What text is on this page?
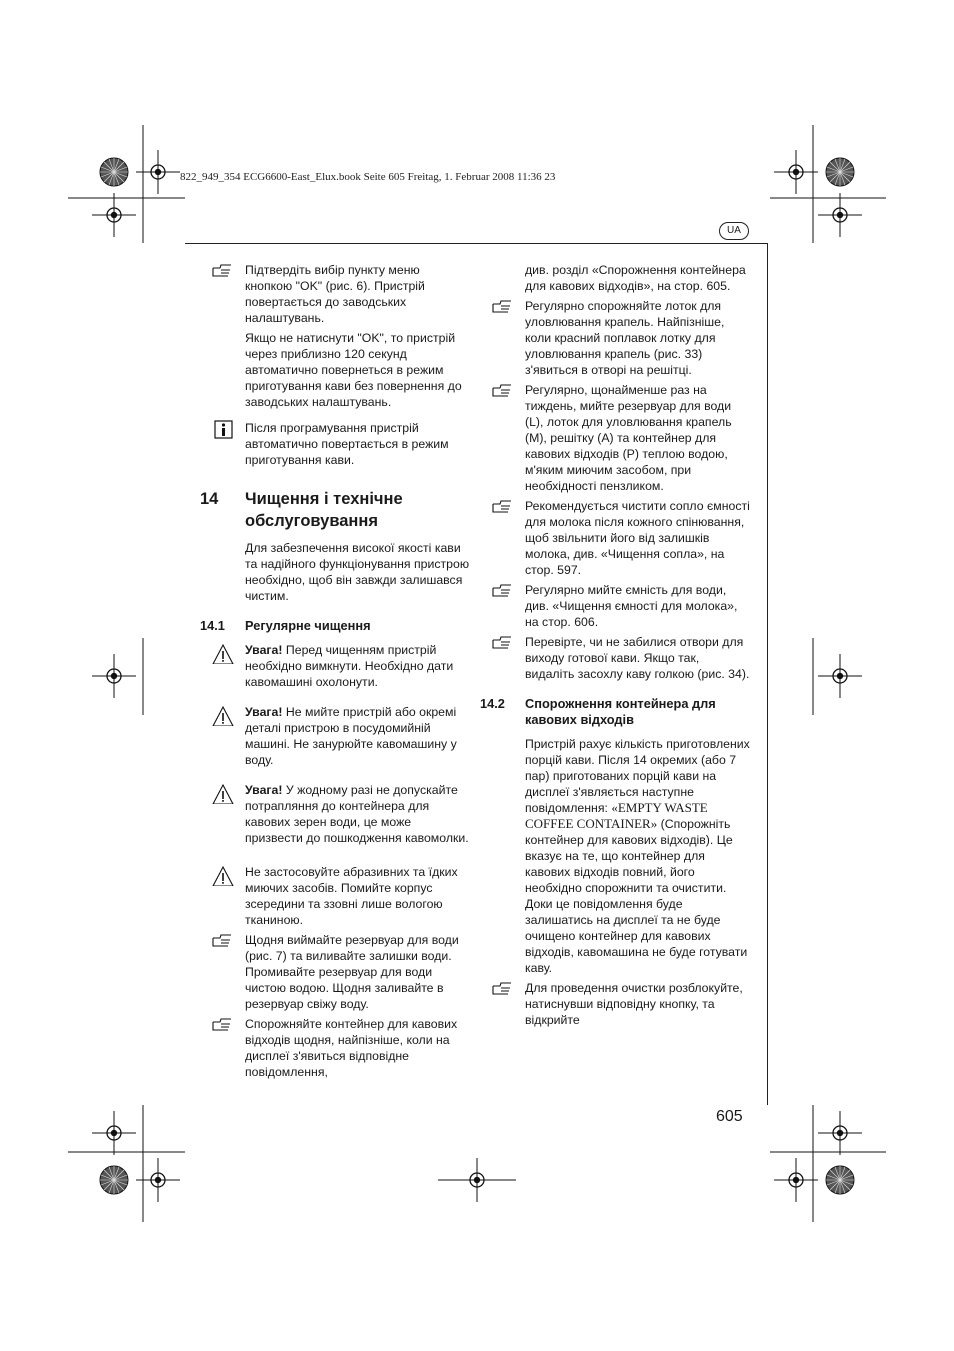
822_949_354 ECG6600-East_Elux.book Seite 605 Freitag, 1. Februar 2008 11:36 23
UA
605
Підтвердіть вибір пункту меню кнопкою "OK" (рис. 6). Пристрій повертається до заводських налаштувань.
Якщо не натиснути "OK", то пристрій через приблизно 120 секунд автоматично повернеться в режим приготування кави без повернення до заводських налаштувань.
Після програмування пристрій автоматично повертається в режим приготування кави.
14 Чищення і технічне обслуговування
Для забезпечення високої якості кави та надійного функціонування пристрою необхідно, щоб він завжди залишався чистим.
14.1 Регулярне чищення
Увага! Перед чищенням пристрій необхідно вимкнути. Необхідно дати кавомашині охолонути.
Увага! Не мийте пристрій або окремі деталі пристрою в посудомийній машині. Не занурюйте кавомашину у воду.
Увага! У жодному разі не допускайте потрапляння до контейнера для кавових зерен води, це може призвести до пошкодження кавомолки.
Не застосовуйте абразивних та їдких миючих засобів. Помийте корпус зсередини та ззовні лише вологою тканиною.
Щодня виймайте резервуар для води (рис. 7) та виливайте залишки води. Промивайте резервуар для води чистою водою. Щодня заливайте в резервуар свіжу воду.
Спорожняйте контейнер для кавових відходів щодня, найпізніше, коли на дисплеї з'явиться відповідне повідомлення,
див. розділ «Спорожнення контейнера для кавових відходів», на стор. 605.
Регулярно спорожняйте лоток для уловлювання крапель. Найпізніше, коли красний поплавок лотку для уловлювання крапель (рис. 33) з'явиться в отворі на решітці.
Регулярно, щонайменше раз на тиждень, мийте резервуар для води (L), лоток для уловлювання крапель (M), решітку (A) та контейнер для кавових відходів (P) теплою водою, м'яким миючим засобом, при необхідності пензликом.
Рекомендується чистити сопло ємності для молока після кожного спінювання, щоб звільнити його від залишків молока, див. «Чищення сопла», на стор. 597.
Регулярно мийте ємність для води, див. «Чищення ємності для молока», на стор. 606.
Перевірте, чи не забилися отвори для виходу готової кави. Якщо так, видаліть засохлу каву голкою (рис. 34).
14.2 Спорожнення контейнера для кавових відходів
Пристрій рахує кількість приготовлених порцій кави. Після 14 окремих (або 7 пар) приготованих порцій кави на дисплеї з'являється наступне повідомлення: «EMPTY WASTE COFFEE CONTAINER» (Спорожніть контейнер для кавових відходів). Це вказує на те, що контейнер для кавових відходів повний, його необхідно спорожнити та очистити. Доки це повідомлення буде залишатись на дисплеї та не буде очищено контейнер для кавових відходів, кавомашина не буде готувати каву.
Для проведення очистки розблокуйте, натиснувши відповідну кнопку, та відкрийте
